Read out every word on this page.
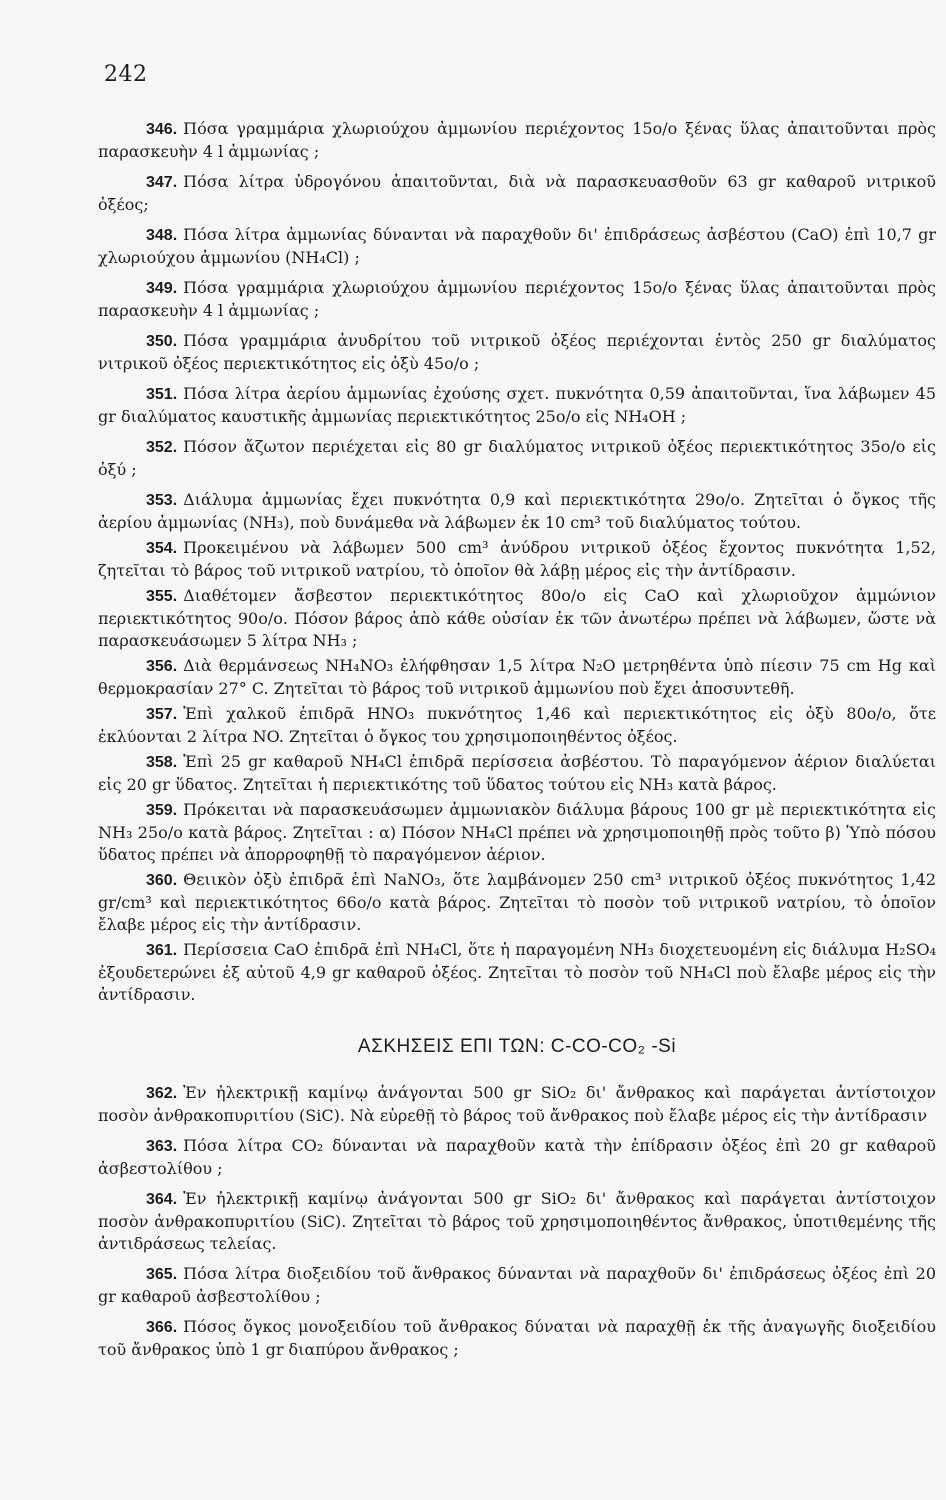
242

346. Πόσα γραμμάρια χλωριούχου ἀμμωνίου περιέχοντος 15ο/ο ξένας ὕλας ἀπαιτοῦνται πρὸς παρασκευὴν 4 l ἀμμωνίας ;

347. Πόσα λίτρα ὑδρογόνου ἀπαιτοῦνται, διὰ νὰ παρασκευασθοῦν 63 gr καθαροῦ νιτρικοῦ ὀξέος;

348. Πόσα λίτρα ἀμμωνίας δύνανται νὰ παραχθοῦν δι' ἐπιδράσεως ἀσβέστου (CaO) ἐπὶ 10,7 gr χλωριούχου ἀμμωνίου (NH₄Cl) ;

349. Πόσα γραμμάρια χλωριούχου ἀμμωνίου περιέχοντος 15ο/ο ξένας ὕλας ἀπαιτοῦνται πρὸς παρασκευὴν 4 l ἀμμωνίας ;

350. Πόσα γραμμάρια ἀνυδρίτου τοῦ νιτρικοῦ ὀξέος περιέχονται ἐντὸς 250 gr διαλύματος νιτρικοῦ ὀξέος περιεκτικότητος εἰς ὀξὺ 45ο/ο ;

351. Πόσα λίτρα ἀερίου ἀμμωνίας ἐχούσης σχετ. πυκνότητα 0,59 ἀπαιτοῦνται, ἵνα λάβωμεν 45 gr διαλύματος καυστικῆς ἀμμωνίας περιεκτικότητος 25ο/ο εἰς NH₄OH ;

352. Πόσον ἄζωτον περιέχεται εἰς 80 gr διαλύματος νιτρικοῦ ὀξέος περιεκτικότητος 35ο/ο εἰς ὀξύ ;

353. Διάλυμα ἀμμωνίας ἔχει πυκνότητα 0,9 καὶ περιεκτικότητα 29ο/ο. Ζητεῖται ὁ ὄγκος τῆς ἀερίου ἀμμωνίας (NH₃), ποὺ δυνάμεθα νὰ λάβωμεν ἐκ 10 cm³ τοῦ διαλύματος τούτου.

354. Προκειμένου νὰ λάβωμεν 500 cm³ ἀνύδρου νιτρικοῦ ὀξέος ἔχοντος πυκνότητα 1,52, ζητεῖται τὸ βάρος τοῦ νιτρικοῦ νατρίου, τὸ ὁποῖον θὰ λάβῃ μέρος εἰς τὴν ἀντίδρασιν.

355. Διαθέτομεν ἄσβεστον περιεκτικότητος 80ο/ο εἰς CaO καὶ χλωριοῦχον ἀμμώνιον περιεκτικότητος 90ο/ο. Πόσον βάρος ἀπὸ κάθε οὐσίαν ἐκ τῶν ἀνωτέρω πρέπει νὰ λάβωμεν, ὥστε νὰ παρασκευάσωμεν 5 λίτρα NH₃ ;

356. Διὰ θερμάνσεως NH₄NO₃ ἐλήφθησαν 1,5 λίτρα N₂O μετρηθέντα ὑπὸ πίεσιν 75 cm Hg καὶ θερμοκρασίαν 27° C. Ζητεῖται τὸ βάρος τοῦ νιτρικοῦ ἀμμωνίου ποὺ ἔχει ἀποσυντεθῆ.

357. Ἐπὶ χαλκοῦ ἐπιδρᾶ HNO₃ πυκνότητος 1,46 καὶ περιεκτικότητος εἰς ὀξὺ 80ο/ο, ὅτε ἐκλύονται 2 λίτρα NO. Ζητεῖται ὁ ὄγκος του χρησιμοποιηθέντος ὀξέος.

358. Ἐπὶ 25 gr καθαροῦ NH₄Cl ἐπιδρᾶ περίσσεια ἀσβέστου. Τὸ παραγόμενον ἀέριον διαλύεται εἰς 20 gr ὕδατος. Ζητεῖται ἡ περιεκτικότης τοῦ ὕδατος τούτου εἰς NH₃ κατὰ βάρος.

359. Πρόκειται νὰ παρασκευάσωμεν ἀμμωνιακὸν διάλυμα βάρους 100 gr μὲ περιεκτικότητα εἰς NH₃ 25ο/ο κατὰ βάρος. Ζητεῖται : α) Πόσον NH₄Cl πρέπει νὰ χρησιμοποιηθῇ πρὸς τοῦτο β) Ὑπὸ πόσου ὕδατος πρέπει νὰ ἀπορροφηθῇ τὸ παραγόμενον ἀέριον.

360. Θειικὸν ὀξὺ ἐπιδρᾶ ἐπὶ NaNO₃, ὅτε λαμβάνομεν 250 cm³ νιτρικοῦ ὀξέος πυκνότητος 1,42 gr/cm³ καὶ περιεκτικότητος 66ο/ο κατὰ βάρος. Ζητεῖται τὸ ποσὸν τοῦ νιτρικοῦ νατρίου, τὸ ὁποῖον ἔλαβε μέρος εἰς τὴν ἀντίδρασιν.

361. Περίσσεια CaO ἐπιδρᾶ ἐπὶ NH₄Cl, ὅτε ἡ παραγομένη NH₃ διοχετευομένη εἰς διάλυμα H₂SO₄ ἐξουδετερώνει ἐξ αὐτοῦ 4,9 gr καθαροῦ ὀξέος. Ζητεῖται τὸ ποσὸν τοῦ NH₄Cl ποὺ ἔλαβε μέρος εἰς τὴν ἀντίδρασιν.

ΑΣΚΗΣΕΙΣ ΕΠΙ ΤΩΝ: C-CO-CO₂ -Si

362. Ἐν ἠλεκτρικῇ καμίνῳ ἀνάγονται 500 gr SiO₂ δι' ἄνθρακος καὶ παράγεται ἀντίστοιχον ποσὸν ἀνθρακοπυριτίου (SiC). Νὰ εὑρεθῇ τὸ βάρος τοῦ ἄνθρακος ποὺ ἔλαβε μέρος εἰς τὴν ἀντίδρασιν

363. Πόσα λίτρα CO₂ δύνανται νὰ παραχθοῦν κατὰ τὴν ἐπίδρασιν ὀξέος ἐπὶ 20 gr καθαροῦ ἀσβεστολίθου ;

364. Ἐν ἠλεκτρικῇ καμίνῳ ἀνάγονται 500 gr SiO₂ δι' ἄνθρακος καὶ παράγεται ἀντίστοιχον ποσὸν ἀνθρακοπυριτίου (SiC). Ζητεῖται τὸ βάρος τοῦ χρησιμοποιηθέντος ἄνθρακος, ὑποτιθεμένης τῆς ἀντιδράσεως τελείας.

365. Πόσα λίτρα διοξειδίου τοῦ ἄνθρακος δύνανται νὰ παραχθοῦν δι' ἐπιδράσεως ὀξέος ἐπὶ 20 gr καθαροῦ ἀσβεστολίθου ;

366. Πόσος ὄγκος μονοξειδίου τοῦ ἄνθρακος δύναται νὰ παραχθῇ ἐκ τῆς ἀναγωγῆς διοξειδίου τοῦ ἄνθρακος ὑπὸ 1 gr διαπύρου ἄνθρακος ;
